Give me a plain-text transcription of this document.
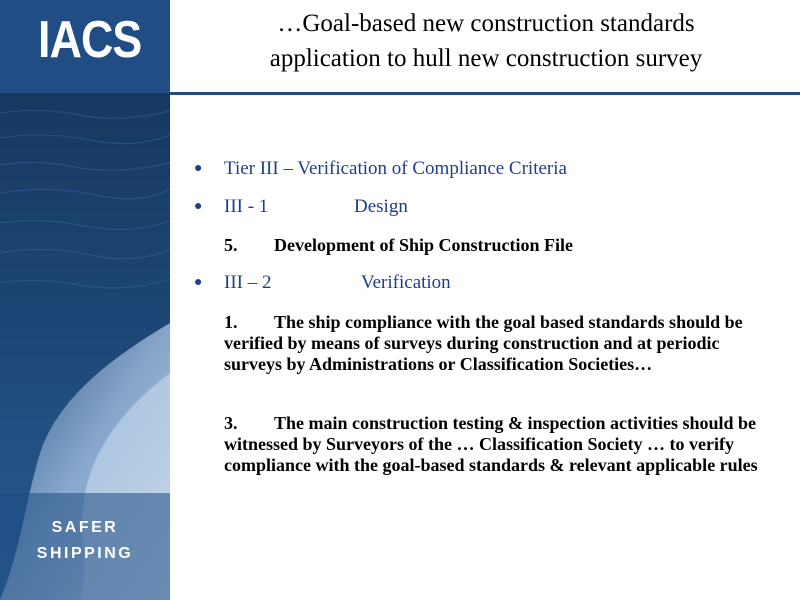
IACS
SAFER
SHIPPING
…Goal-based new construction standards
application to hull new construction survey
● Tier III – Verification of Compliance Criteria
● III - 1	Design
5. Development of Ship Construction File
● III – 2	Verification
1. The ship compliance with the goal based standards should be verified by means of surveys during construction and at periodic surveys by Administrations or Classification Societies…
3. The main construction testing & inspection activities should be witnessed by Surveyors of the … Classification Society … to verify compliance with the goal-based standards & relevant applicable rules
